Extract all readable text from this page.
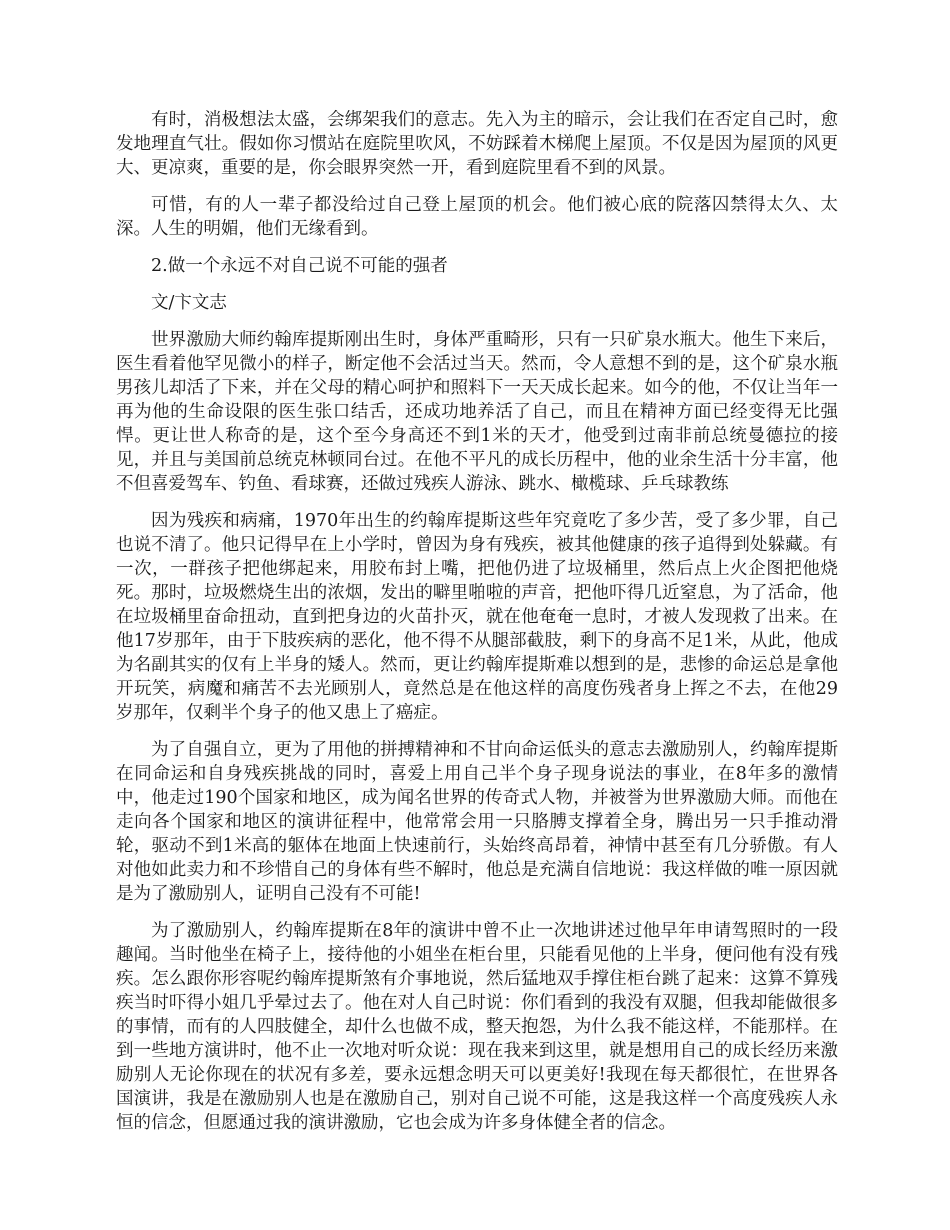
有时，消极想法太盛，会绑架我们的意志。先入为主的暗示，会让我们在否定自己时，愈发地理直气壮。假如你习惯站在庭院里吹风，不妨踩着木梯爬上屋顶。不仅是因为屋顶的风更大、更凉爽，重要的是，你会眼界突然一开，看到庭院里看不到的风景。

可惜，有的人一辈子都没给过自己登上屋顶的机会。他们被心底的院落囚禁得太久、太深。人生的明媚，他们无缘看到。

2.做一个永远不对自己说不可能的强者

文/卞文志

世界激励大师约翰库提斯刚出生时，身体严重畸形，只有一只矿泉水瓶大。他生下来后，医生看着他罕见微小的样子，断定他不会活过当天。然而，令人意想不到的是，这个矿泉水瓶男孩儿却活了下来，并在父母的精心呵护和照料下一天天成长起来。如今的他，不仅让当年一再为他的生命设限的医生张口结舌，还成功地养活了自己，而且在精神方面已经变得无比强悍。更让世人称奇的是，这个至今身高还不到1米的天才，他受到过南非前总统曼德拉的接见，并且与美国前总统克林顿同台过。在他不平凡的成长历程中，他的业余生活十分丰富，他不但喜爱驾车、钓鱼、看球赛，还做过残疾人游泳、跳水、橄榄球、乒乓球教练

因为残疾和病痛，1970年出生的约翰库提斯这些年究竟吃了多少苦，受了多少罪，自己也说不清了。他只记得早在上小学时，曾因为身有残疾，被其他健康的孩子追得到处躲藏。有一次，一群孩子把他绑起来，用胶布封上嘴，把他仍进了垃圾桶里，然后点上火企图把他烧死。那时，垃圾燃烧生出的浓烟，发出的噼里啪啦的声音，把他吓得几近窒息，为了活命，他在垃圾桶里奋命扭动，直到把身边的火苗扑灭，就在他奄奄一息时，才被人发现救了出来。在他17岁那年，由于下肢疾病的恶化，他不得不从腿部截肢，剩下的身高不足1米，从此，他成为名副其实的仅有上半身的矮人。然而，更让约翰库提斯难以想到的是，悲惨的命运总是拿他开玩笑，病魔和痛苦不去光顾别人，竟然总是在他这样的高度伤残者身上挥之不去，在他29岁那年，仅剩半个身子的他又患上了癌症。

为了自强自立，更为了用他的拼搏精神和不甘向命运低头的意志去激励别人，约翰库提斯在同命运和自身残疾挑战的同时，喜爱上用自己半个身子现身说法的事业，在8年多的激情中，他走过190个国家和地区，成为闻名世界的传奇式人物，并被誉为世界激励大师。而他在走向各个国家和地区的演讲征程中，他常常会用一只胳膊支撑着全身，腾出另一只手推动滑轮，驱动不到1米高的躯体在地面上快速前行，头始终高昂着，神情中甚至有几分骄傲。有人对他如此卖力和不珍惜自己的身体有些不解时，他总是充满自信地说：我这样做的唯一原因就是为了激励别人，证明自己没有不可能!

为了激励别人，约翰库提斯在8年的演讲中曾不止一次地讲述过他早年申请驾照时的一段趣闻。当时他坐在椅子上，接待他的小姐坐在柜台里，只能看见他的上半身，便问他有没有残疾。怎么跟你形容呢约翰库提斯煞有介事地说，然后猛地双手撑住柜台跳了起来：这算不算残疾当时吓得小姐几乎晕过去了。他在对人自己时说：你们看到的我没有双腿，但我却能做很多的事情，而有的人四肢健全，却什么也做不成，整天抱怨，为什么我不能这样，不能那样。在到一些地方演讲时，他不止一次地对听众说：现在我来到这里，就是想用自己的成长经历来激励别人无论你现在的状况有多差，要永远想念明天可以更美好!我现在每天都很忙，在世界各国演讲，我是在激励别人也是在激励自己，别对自己说不可能，这是我这样一个高度残疾人永恒的信念，但愿通过我的演讲激励，它也会成为许多身体健全者的信念。
